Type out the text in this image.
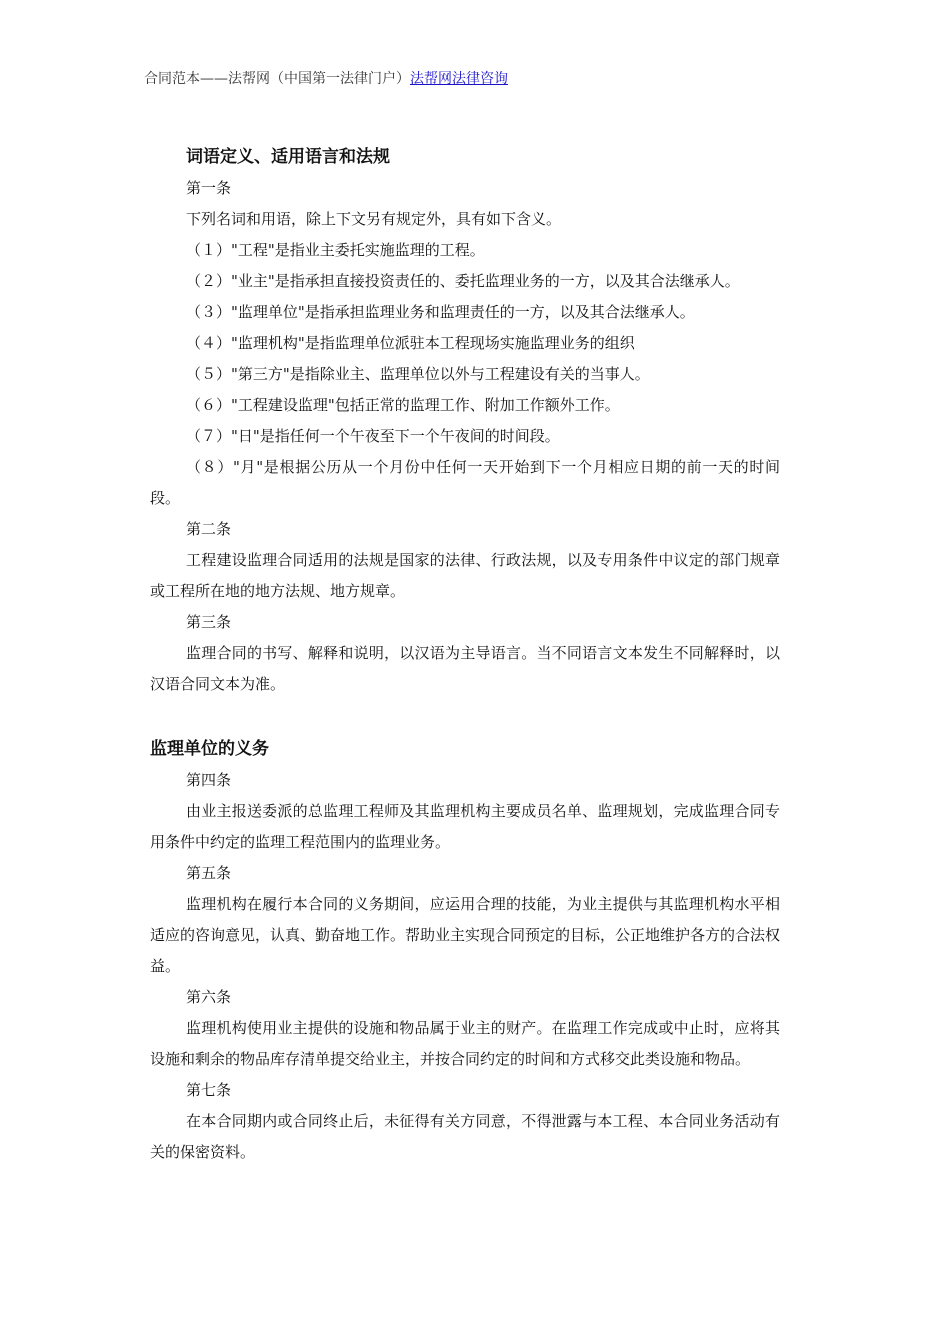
合同范本——法帮网（中国第一法律门户）法帮网法律咨询
词语定义、适用语言和法规

第一条

下列名词和用语，除上下文另有规定外，具有如下含义。

（１）"工程"是指业主委托实施监理的工程。

（２）"业主"是指承担直接投资责任的、委托监理业务的一方，以及其合法继承人。

（３）"监理单位"是指承担监理业务和监理责任的一方，以及其合法继承人。

（４）"监理机构"是指监理单位派驻本工程现场实施监理业务的组织

（５）"第三方"是指除业主、监理单位以外与工程建设有关的当事人。

（６）"工程建设监理"包括正常的监理工作、附加工作额外工作。

（７）"日"是指任何一个午夜至下一个午夜间的时间段。

（８）"月"是根据公历从一个月份中任何一天开始到下一个月相应日期的前一天的时间段。

第二条

工程建设监理合同适用的法规是国家的法律、行政法规，以及专用条件中议定的部门规章或工程所在地的地方法规、地方规章。

第三条

监理合同的书写、解释和说明，以汉语为主导语言。当不同语言文本发生不同解释时，以汉语合同文本为准。

监理单位的义务

第四条

由业主报送委派的总监理工程师及其监理机构主要成员名单、监理规划，完成监理合同专用条件中约定的监理工程范围内的监理业务。

第五条

监理机构在履行本合同的义务期间，应运用合理的技能，为业主提供与其监理机构水平相适应的咨询意见，认真、勤奋地工作。帮助业主实现合同预定的目标，公正地维护各方的合法权益。

第六条

监理机构使用业主提供的设施和物品属于业主的财产。在监理工作完成或中止时，应将其设施和剩余的物品库存清单提交给业主，并按合同约定的时间和方式移交此类设施和物品。

第七条

在本合同期内或合同终止后，未征得有关方同意，不得泄露与本工程、本合同业务活动有关的保密资料。
